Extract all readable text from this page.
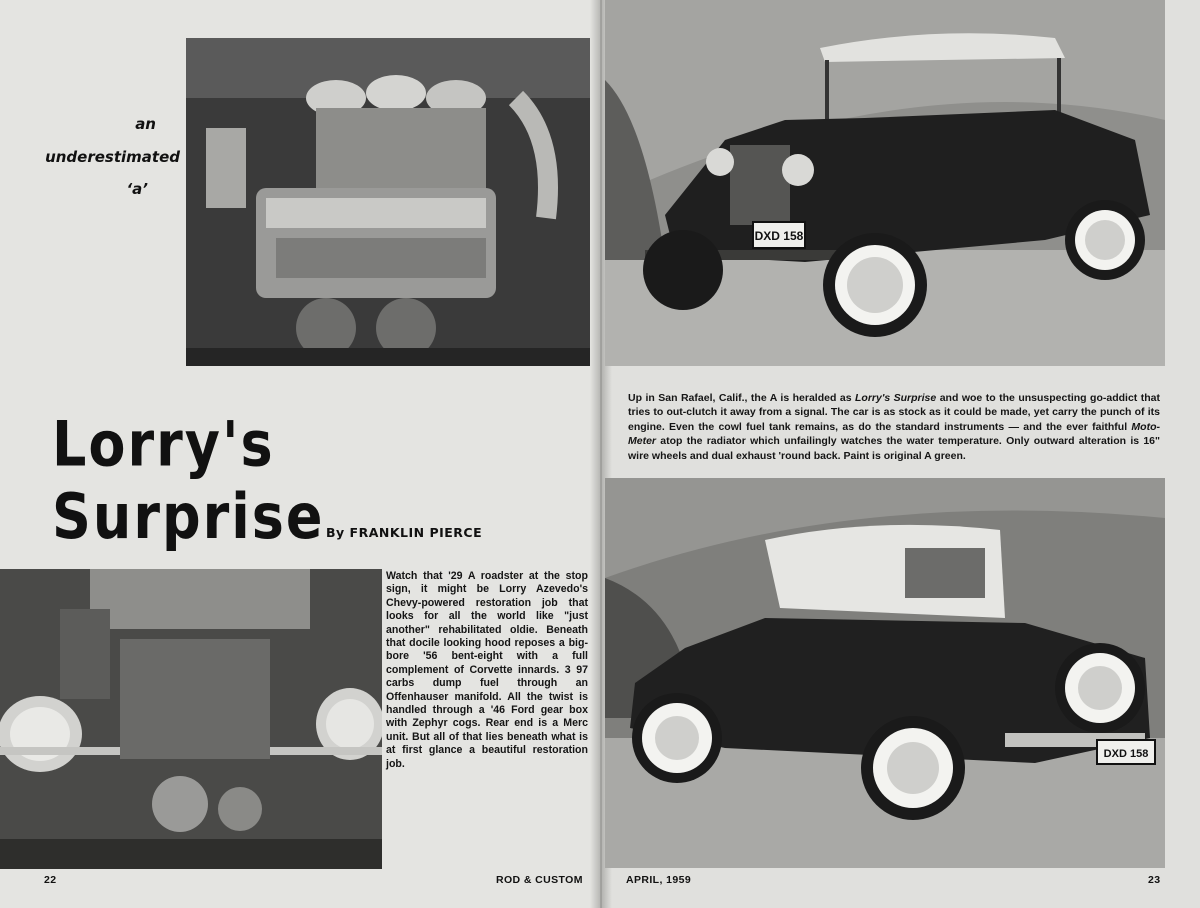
an
underestimated
‘a’
Lorry's Surprise By FRANKLIN PIERCE
Watch that '29 A roadster at the stop sign, it might be Lorry Azevedo's Chevy-powered restoration job that looks for all the world like "just another" rehabilitated oldie. Beneath that docile looking hood reposes a big-bore '56 bent-eight with a full complement of Corvette innards. 3 97 carbs dump fuel through an Offenhauser manifold. All the twist is handled through a '46 Ford gear box with Zephyr cogs. Rear end is a Merc unit. But all of that lies beneath what is at first glance a beautiful restoration job.
22	ROD & CUSTOM
DXD 158
Up in San Rafael, Calif., the A is heralded as Lorry's Surprise and woe to the unsuspecting go-addict that tries to out-clutch it away from a signal. The car is as stock as it could be made, yet carry the punch of its engine. Even the cowl fuel tank remains, as do the standard instruments — and the ever faithful Moto-Meter atop the radiator which unfailingly watches the water temperature. Only outward alteration is 16" wire wheels and dual exhaust 'round back. Paint is original A green.
DXD 158
APRIL, 1959	23
